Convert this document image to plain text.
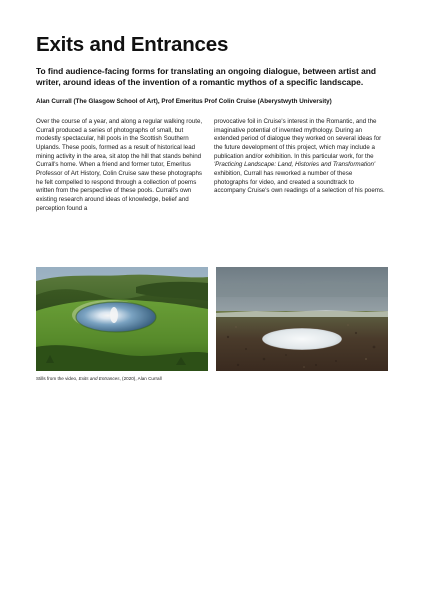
Exits and Entrances

To find audience-facing forms for translating an ongoing dialogue, between artist and writer, around ideas of the invention of a romantic mythos of a specific landscape.

Alan Currall (The Glasgow School of Art), Prof Emeritus Prof Colin Cruise (Aberystwyth University)

Over the course of a year, and along a regular walking route, Currall produced a series of photographs of small, but modestly spectacular, hill pools in the Scottish Southern Uplands. These pools, formed as a result of historical lead mining activity in the area, sit atop the hill that stands behind Currall's home. When a friend and former tutor, Emeritus Professor of Art History, Colin Cruise saw these photographs he felt compelled to respond through a collection of poems written from the perspective of these pools. Currall's own existing research around ideas of knowledge, belief and perception found a

provocative foil in Cruise's interest in the Romantic, and the imaginative potential of invented mythology. During an extended period of dialogue they worked on several ideas for the future development of this project, which may include a publication and/or exhibition. In this particular work, for the 'Practicing Landscape: Land, Histories and Transformation' exhibition, Currall has reworked a number of these photographs for video, and created a soundtrack to accompany Cruise's own readings of a selection of his poems.

Stills from the video, Exits and Entrances, (2020), Alan Currall
